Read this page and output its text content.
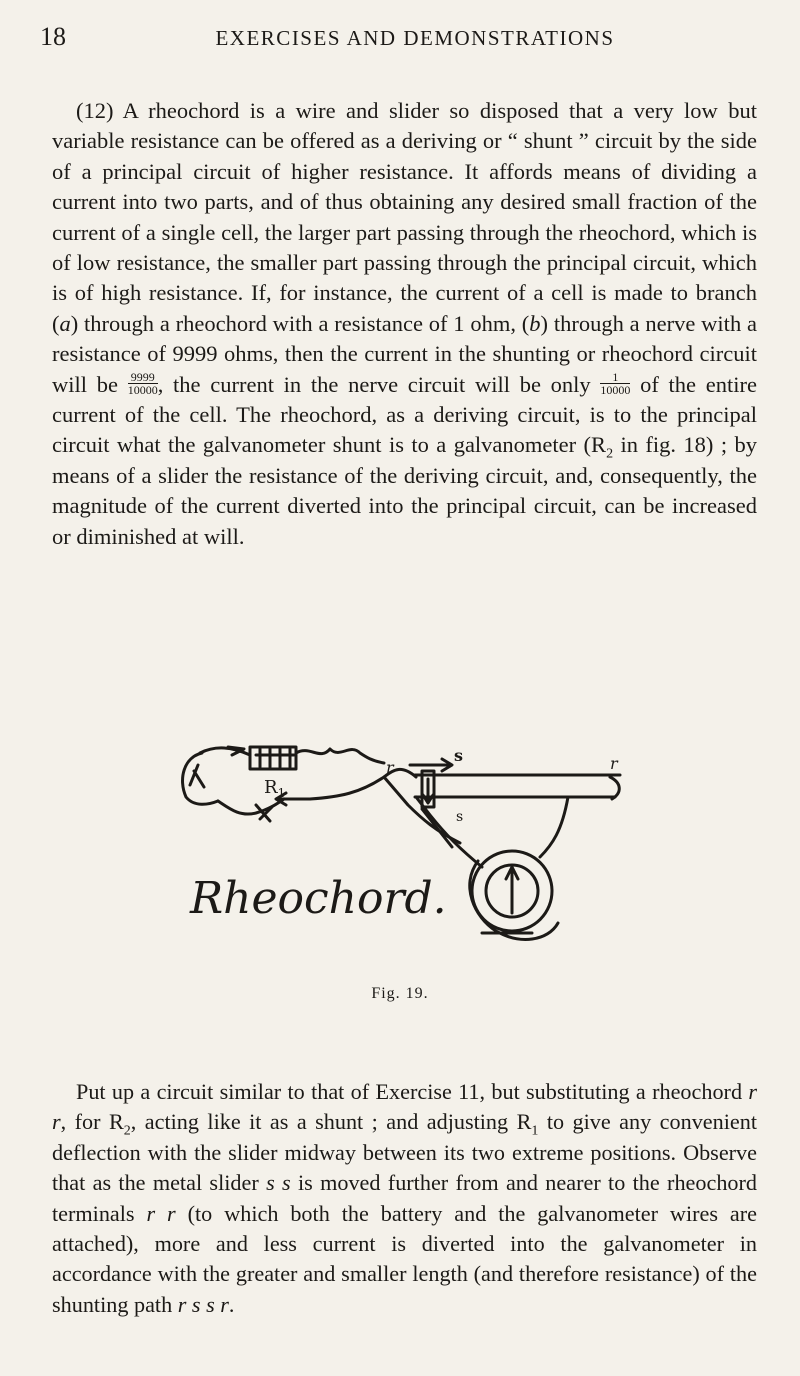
18	EXERCISES AND DEMONSTRATIONS

(12) A rheochord is a wire and slider so disposed that a very low but variable resistance can be offered as a deriving or “ shunt ” circuit by the side of a principal circuit of higher resistance. It affords means of dividing a current into two parts, and of thus obtaining any desired small fraction of the current of a single cell, the larger part passing through the rheochord, which is of low resistance, the smaller part passing through the principal circuit, which is of high resistance. If, for instance, the current of a cell is made to branch (a) through a rheochord with a resistance of 1 ohm, (b) through a nerve with a resistance of 9999 ohms, then the current in the shunting or rheochord circuit will be $\frac{9999}{10000}$ , the current in the nerve circuit will be only $\frac{1}{10000}$ of the entire current of the cell. The rheochord, as a deriving circuit, is to the principal circuit what the galvanometer shunt is to a galvanometer ($R_2$ in fig. 18) ; by means of a slider the resistance of the deriving circuit, and, consequently, the magnitude of the current diverted into the principal circuit, can be increased or diminished at will.

$R_1$
r	r
s
s
Rheochord.
Fig. 19.

Put up a circuit similar to that of Exercise 11, but substituting a rheochord r r, for $R_2$, acting like it as a shunt ; and adjusting $R_1$ to give any convenient deflection with the slider midway between its two extreme positions. Observe that as the metal slider s s is moved further from and nearer to the rheochord terminals r r (to which both the battery and the galvanometer wires are attached), more and less current is diverted into the galvanometer in accordance with the greater and smaller length (and therefore resistance) of the shunting path r s s r.
